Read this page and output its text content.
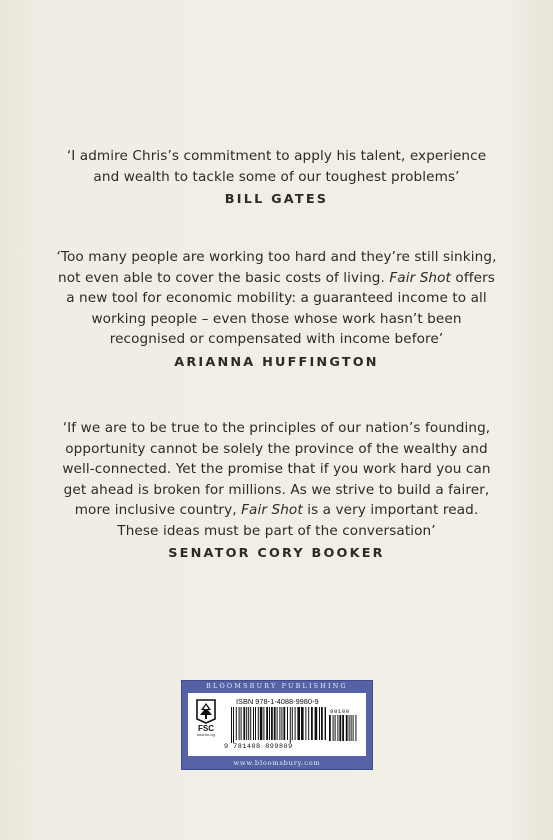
‘I admire Chris’s commitment to apply his talent, experience
and wealth to tackle some of our toughest problems’
BILL GATES
‘Too many people are working too hard and they’re still sinking,
not even able to cover the basic costs of living. Fair Shot offers
a new tool for economic mobility: a guaranteed income to all
working people – even those whose work hasn’t been
recognised or compensated with income before’
ARIANNA HUFFINGTON
‘If we are to be true to the principles of our nation’s founding,
opportunity cannot be solely the province of the wealthy and
well-connected. Yet the promise that if you work hard you can
get ahead is broken for millions. As we strive to build a fairer,
more inclusive country, Fair Shot is a very important read.
These ideas must be part of the conversation’
SENATOR CORY BOOKER
BLOOMSBURY PUBLISHING
FSC
www.fsc.org
ISBN 978-1-4088-9980-9
90100
9 781408 899809
www.bloomsbury.com
